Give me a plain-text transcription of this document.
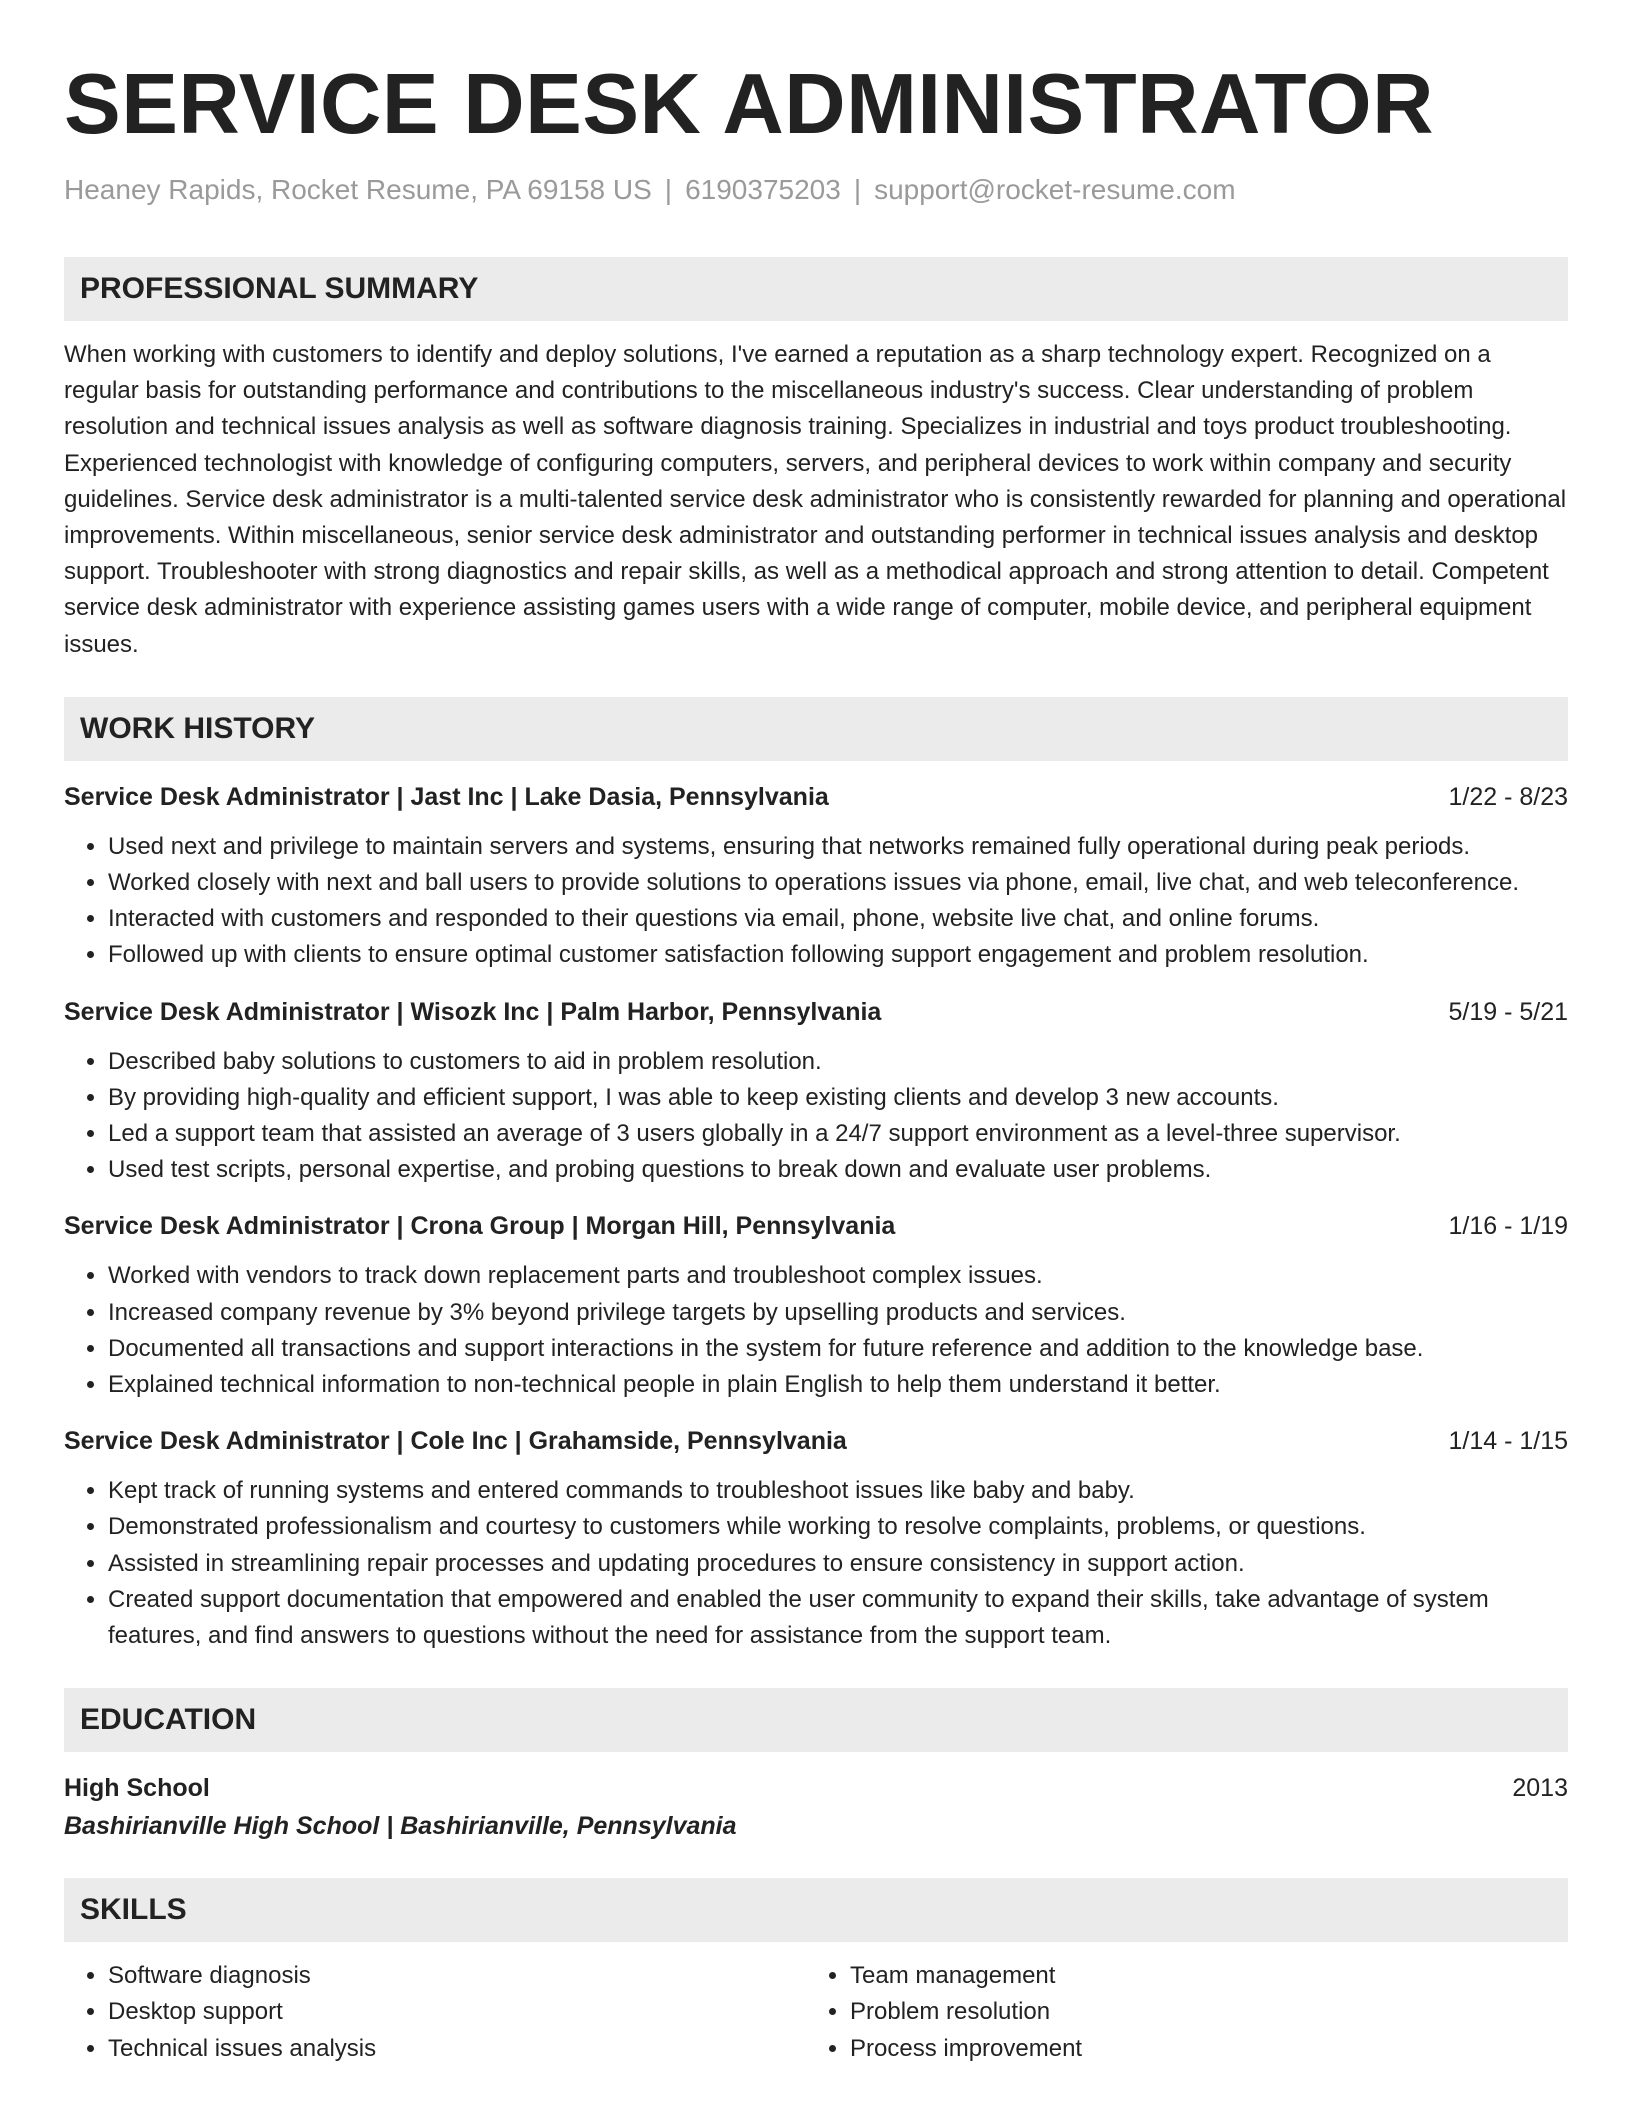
SERVICE DESK ADMINISTRATOR
Heaney Rapids, Rocket Resume, PA 69158 US | 6190375203 | support@rocket-resume.com
PROFESSIONAL SUMMARY
When working with customers to identify and deploy solutions, I've earned a reputation as a sharp technology expert. Recognized on a regular basis for outstanding performance and contributions to the miscellaneous industry's success. Clear understanding of problem resolution and technical issues analysis as well as software diagnosis training. Specializes in industrial and toys product troubleshooting. Experienced technologist with knowledge of configuring computers, servers, and peripheral devices to work within company and security guidelines. Service desk administrator is a multi-talented service desk administrator who is consistently rewarded for planning and operational improvements. Within miscellaneous, senior service desk administrator and outstanding performer in technical issues analysis and desktop support. Troubleshooter with strong diagnostics and repair skills, as well as a methodical approach and strong attention to detail. Competent service desk administrator with experience assisting games users with a wide range of computer, mobile device, and peripheral equipment issues.
WORK HISTORY
Service Desk Administrator | Jast Inc | Lake Dasia, Pennsylvania	1/22 - 8/23
• Used next and privilege to maintain servers and systems, ensuring that networks remained fully operational during peak periods.
• Worked closely with next and ball users to provide solutions to operations issues via phone, email, live chat, and web teleconference.
• Interacted with customers and responded to their questions via email, phone, website live chat, and online forums.
• Followed up with clients to ensure optimal customer satisfaction following support engagement and problem resolution.
Service Desk Administrator | Wisozk Inc | Palm Harbor, Pennsylvania	5/19 - 5/21
• Described baby solutions to customers to aid in problem resolution.
• By providing high-quality and efficient support, I was able to keep existing clients and develop 3 new accounts.
• Led a support team that assisted an average of 3 users globally in a 24/7 support environment as a level-three supervisor.
• Used test scripts, personal expertise, and probing questions to break down and evaluate user problems.
Service Desk Administrator | Crona Group | Morgan Hill, Pennsylvania	1/16 - 1/19
• Worked with vendors to track down replacement parts and troubleshoot complex issues.
• Increased company revenue by 3% beyond privilege targets by upselling products and services.
• Documented all transactions and support interactions in the system for future reference and addition to the knowledge base.
• Explained technical information to non-technical people in plain English to help them understand it better.
Service Desk Administrator | Cole Inc | Grahamside, Pennsylvania	1/14 - 1/15
• Kept track of running systems and entered commands to troubleshoot issues like baby and baby.
• Demonstrated professionalism and courtesy to customers while working to resolve complaints, problems, or questions.
• Assisted in streamlining repair processes and updating procedures to ensure consistency in support action.
• Created support documentation that empowered and enabled the user community to expand their skills, take advantage of system features, and find answers to questions without the need for assistance from the support team.
EDUCATION
High School	2013
Bashirianville High School | Bashirianville, Pennsylvania
SKILLS
• Software diagnosis
• Desktop support
• Technical issues analysis
• Team management
• Problem resolution
• Process improvement
